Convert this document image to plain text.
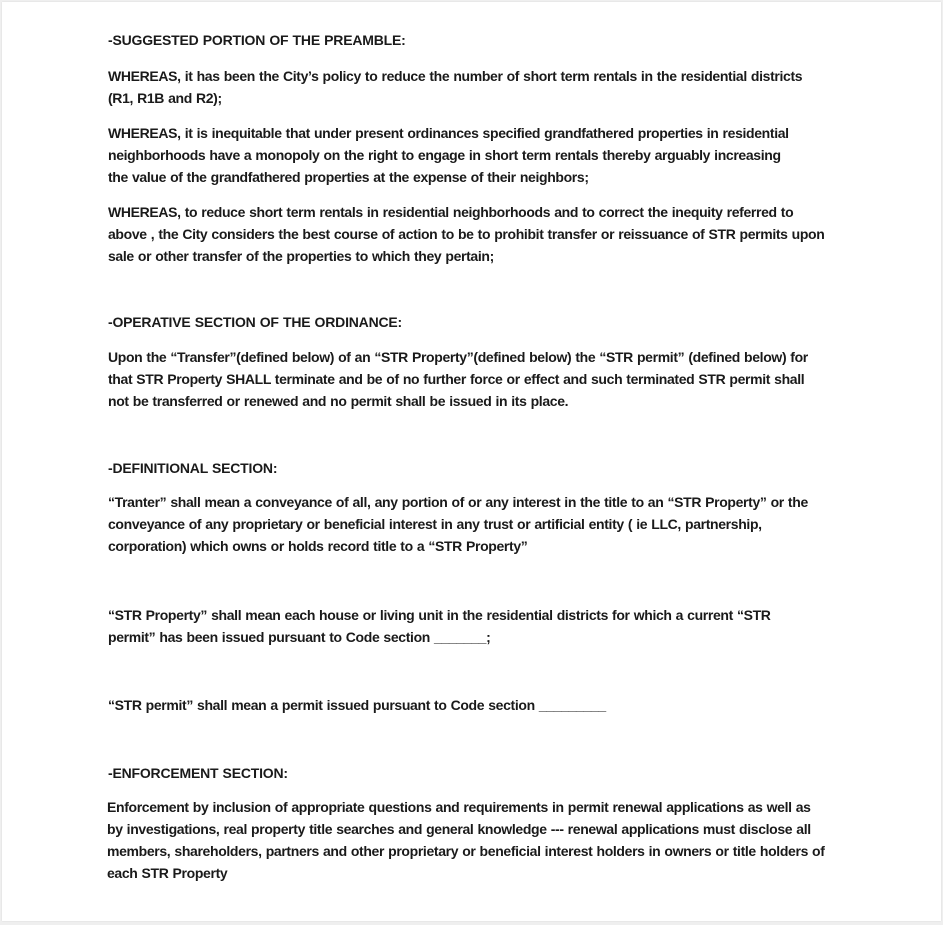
-SUGGESTED PORTION OF THE PREAMBLE:

WHEREAS, it has been the City’s policy to reduce the number of short term rentals in the residential districts (R1, R1B and R2);

WHEREAS, it is inequitable that under present ordinances specified grandfathered properties in residential neighborhoods have a monopoly on the right to engage in short term rentals thereby arguably increasing the value of the grandfathered properties at the expense of their neighbors;

WHEREAS, to reduce short term rentals in residential neighborhoods and to correct the inequity referred to above , the City considers the best course of action to be to prohibit transfer or reissuance of STR permits upon sale or other transfer of the properties to which they pertain;

-OPERATIVE SECTION OF THE ORDINANCE:

Upon the “Transfer”(defined below) of an “STR Property”(defined below) the “STR permit” (defined below) for that STR Property SHALL terminate and be of no further force or effect and such terminated STR permit shall not be transferred or renewed and no permit shall be issued in its place.

-DEFINITIONAL SECTION:

“Tranter” shall mean a conveyance of all, any portion of or any interest in the title to an “STR Property” or the conveyance of any proprietary or beneficial interest in any trust or artificial entity ( ie LLC, partnership, corporation) which owns or holds record title to a “STR Property”

“STR Property” shall mean each house or living unit in the residential districts for which a current “STR permit” has been issued pursuant to Code section _______;

“STR permit” shall mean a permit issued pursuant to Code section _________

-ENFORCEMENT SECTION:

Enforcement by inclusion of appropriate questions and requirements in permit renewal applications as well as by investigations, real property title searches and general knowledge --- renewal applications must disclose all members, shareholders, partners and other proprietary or beneficial interest holders in owners or title holders of each STR Property
